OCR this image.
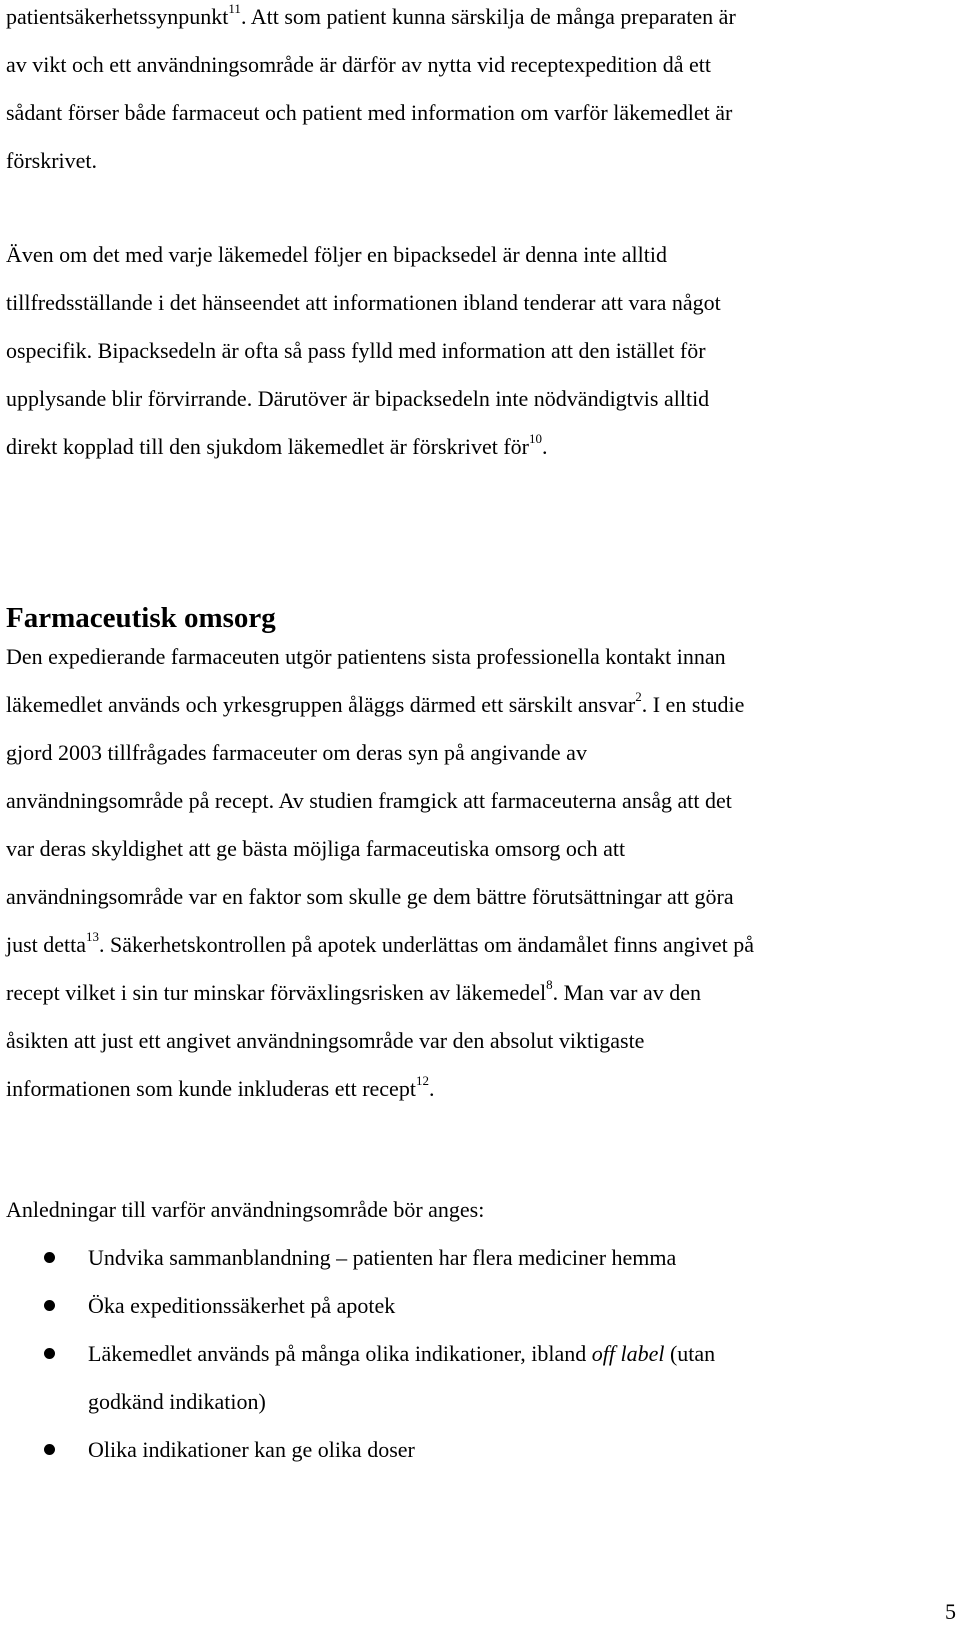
patientsäkerhetssynpunkt$^{11}$. Att som patient kunna särskilja de många preparaten är
av vikt och ett användningsområde är därför av nytta vid receptexpedition då ett
sådant förser både farmaceut och patient med information om varför läkemedlet är
förskrivet.
Även om det med varje läkemedel följer en bipacksedel är denna inte alltid
tillfredsställande i det hänseendet att informationen ibland tenderar att vara något
ospecifik. Bipacksedeln är ofta så pass fylld med information att den istället för
upplysande blir förvirrande. Därutöver är bipacksedeln inte nödvändigtvis alltid
direkt kopplad till den sjukdom läkemedlet är förskrivet för$^{10}$.
Farmaceutisk omsorg
Den expedierande farmaceuten utgör patientens sista professionella kontakt innan
läkemedlet används och yrkesgruppen åläggs därmed ett särskilt ansvar$^2$. I en studie
gjord 2003 tillfrågades farmaceuter om deras syn på angivande av
användningsområde på recept. Av studien framgick att farmaceuterna ansåg att det
var deras skyldighet att ge bästa möjliga farmaceutiska omsorg och att
användningsområde var en faktor som skulle ge dem bättre förutsättningar att göra
just detta$^{13}$. Säkerhetskontrollen på apotek underlättas om ändamålet finns angivet på
recept vilket i sin tur minskar förväxlingsrisken av läkemedel$^8$. Man var av den
åsikten att just ett angivet användningsområde var den absolut viktigaste
informationen som kunde inkluderas ett recept$^{12}$.

Anledningar till varför användningsområde bör anges:

Undvika sammanblandning – patienten har flera mediciner hemma
Öka expeditionssäkerhet på apotek
Läkemedlet används på många olika indikationer, ibland off label (utan
godkänd indikation)
Olika indikationer kan ge olika doser

5
